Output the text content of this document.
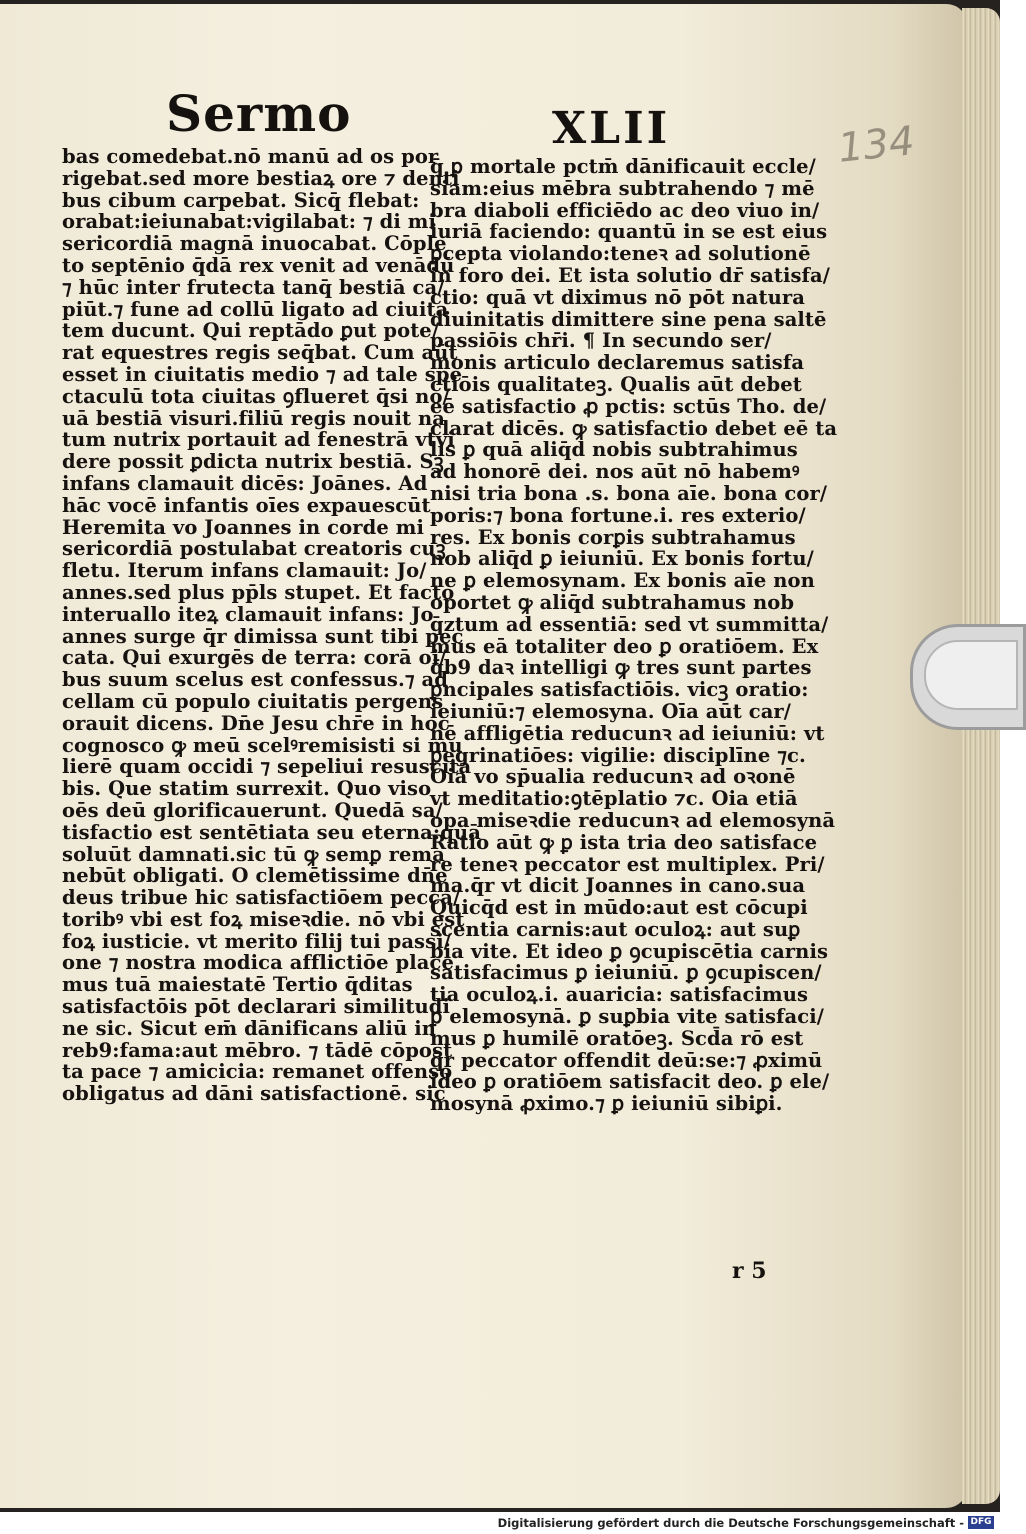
Sermo	XLII	134
bas comedebat.nō manū ad os por
rigebat.sed more bestiaꝝ ore ⁊ denti
bus cibum carpebat. Sicq̄ flebat:
orabat:ieiunabat:vigilabat: ⁊ di mi
sericordiā magnā inuocabat. Cōple
to septēnio q̄dā rex venit ad venādū
⁊ hūc inter frutecta tanq̄ bestiā ca/
piūt.⁊ fune ad collū ligato ad ciuita
tem ducunt. Qui reptādo ꝑut pote/
rat equestres regis seq̄bat. Cum aūt
esset in ciuitatis medio ⁊ ad tale spe
ctaculū tota ciuitas ꝯflueret q̄si no/
uā bestiā visuri.filiū regis nouit na
tum nutrix portauit ad fenestrā vtvi
dere possit ꝑdicta nutrix bestiā. Sꝫ
infans clamauit dicēs: Joānes. Ad
hāc vocē infantis oīes expauescūt
Heremita vo Joannes in corde mi
sericordiā postulabat creatoris cuꝫ
fletu. Iterum infans clamauit: Jo/
annes.sed plus pp̄ls stupet. Et facto
interuallo iteꝝ clamauit infans: Jo
annes surge q̄r dimissa sunt tibi pec
cata. Qui exurgēs de terra: corā oi/
bus suum scelus est confessus.⁊ ad
cellam cū populo ciuitatis pergens
orauit dicens. Dn̄e Jesu chr̄e in hoc
cognosco ꝙ meū scelꝰremisisti si mu
lierē quam occidi ⁊ sepeliui resuscita
bis. Que statim surrexit. Quo viso
oēs deū glorificauerunt. Quedā sa/
tisfactio est sentētiata seu eterna:quā
soluūt damnati.sic tū ꝙ semꝑ rema
nebūt obligati. O clemētissime dn̄e
deus tribue hic satisfactiōem pecca/
toribꝰ vbi est foꝝ miseꝛdie. nō vbi est
foꝝ iusticie. vt merito filij tui passi/
one ⁊ nostra modica afflictiōe place
mus tuā maiestatē Tertio q̄ditas
satisfactōis pōt declarari similitudi
ne sic. Sicut em̄ dānificans aliū in
reb9:fama:aut mēbro. ⁊ tādē cōpost
ta pace ⁊ amicicia: remanet offenso
obligatus ad dāni satisfactionē. sic
q̄ ꝑ mortale pctm̄ dānificauit eccle/
siam:eius mēbra subtrahendo ⁊ mē
bra diaboli efficiēdo ac deo viuo in/
iuriā faciendo: quantū in se est eius
ꝑcepta violando:teneꝛ ad solutionē
in foro dei. Et ista solutio dr̄ satisfa/
ctio: quā vt diximus nō pōt natura
diuinitatis dimittere sine pena saltē
passiōis chr̄i. ¶ In secundo ser/
monis articulo declaremus satisfa
ctiōis qualitateꝫ. Qualis aūt debet
eē satisfactio ꝓ pctis: sctūs Tho. de/
clarat dicēs. ꝙ satisfactio debet eē ta
lis ꝑ quā aliq̄d nobis subtrahimus
ad honorē dei. nos aūt nō habemꝰ
nisi tria bona .s. bona aīe. bona cor/
poris:⁊ bona fortune.i. res exterio/
res. Ex bonis corꝑis subtrahamus
nob aliq̄d ꝑ ieiuniū. Ex bonis fortu/
ne ꝑ elemosynam. Ex bonis aīe non
oportet ꝙ aliq̄d subtrahamus nob
q̄ztum ad essentiā: sed vt summitta/
mus eā totaliter deo ꝑ oratiōem. Ex
q̄b9 daꝛ intelligi ꝙ tres sunt partes
ꝑncipales satisfactiōis. vicꝫ oratio:
ieiuniū:⁊ elemosyna. Oīa aūt car/
nē affligētia reducunꝛ ad ieiuniū: vt
ꝑegrinatiōes: vigilie: disciplīne ⁊c.
Oia vo sp̄ualia reducunꝛ ad oꝛonē
vt meditatio:ꝯtēplatio ⁊c. Oia etiā
opa miseꝛdie reducunꝛ ad elemosynā
Ratio aūt ꝙ ꝑ ista tria deo satisface
re teneꝛ peccator est multiplex. Pri/
ma.q̄r vt dicit Joannes in cano.sua
Quicq̄d est in mūdo:aut est cōcupi
scentia carnis:aut oculoꝝ: aut suꝑ
bia vite. Et ideo ꝑ ꝯcupiscētia carnis
satisfacimus ꝑ ieiuniū. ꝑ ꝯcupiscen/
tia oculoꝝ.i. auaricia: satisfacimus
ꝑ elemosynā. ꝑ suꝑbia vite satisfaci/
mus ꝑ humilē oratōeꝫ. Scd̄a rō est
q̄r peccator offendit deū:se:⁊ ꝓximū
ideo ꝑ oratiōem satisfacit deo. ꝑ ele/
mosynā ꝓximo.⁊ ꝑ ieiuniū sibiꝑi.
r 5
Digitalisierung gefördert durch die Deutsche Forschungsgemeinschaft - DFG
